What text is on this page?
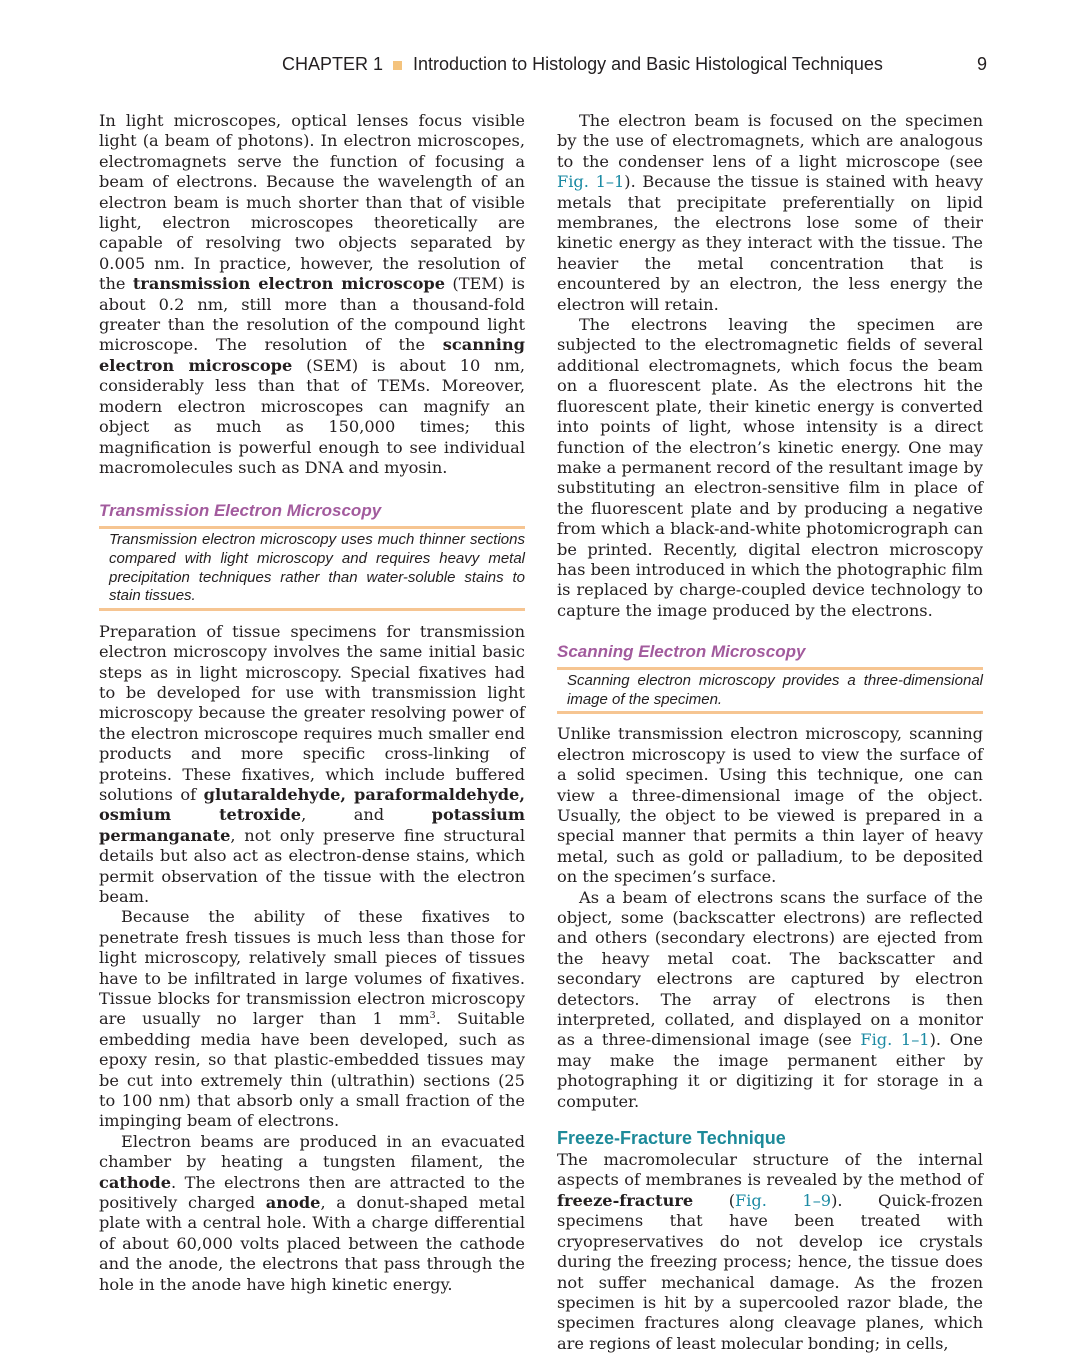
CHAPTER 1 Introduction to Histology and Basic Histological Techniques	9

In light microscopes, optical lenses focus visible light (a beam of photons). In electron microscopes, electromagnets serve the function of focusing a beam of electrons. Because the wavelength of an electron beam is much shorter than that of visible light, electron microscopes theoretically are capable of resolving two objects separated by 0.005 nm. In practice, however, the resolution of the transmission electron microscope (TEM) is about 0.2 nm, still more than a thousand-fold greater than the resolution of the compound light microscope. The resolution of the scanning electron microscope (SEM) is about 10 nm, considerably less than that of TEMs. Moreover, modern electron microscopes can magnify an object as much as 150,000 times; this magnification is powerful enough to see individual macromolecules such as DNA and myosin.

Transmission Electron Microscopy
Transmission electron microscopy uses much thinner sections compared with light microscopy and requires heavy metal precipitation techniques rather than water-soluble stains to stain tissues.

Preparation of tissue specimens for transmission electron microscopy involves the same initial basic steps as in light microscopy. Special fixatives had to be developed for use with transmission light microscopy because the greater resolving power of the electron microscope requires much smaller end products and more specific cross-linking of proteins. These fixatives, which include buffered solutions of glutaraldehyde, paraformaldehyde, osmium tetroxide, and potassium permanganate, not only preserve fine structural details but also act as electron-dense stains, which permit observation of the tissue with the electron beam.

Because the ability of these fixatives to penetrate fresh tissues is much less than those for light microscopy, relatively small pieces of tissues have to be infiltrated in large volumes of fixatives. Tissue blocks for transmission electron microscopy are usually no larger than 1 $mm^3$. Suitable embedding media have been developed, such as epoxy resin, so that plastic-embedded tissues may be cut into extremely thin (ultrathin) sections (25 to 100 nm) that absorb only a small fraction of the impinging beam of electrons.

Electron beams are produced in an evacuated chamber by heating a tungsten filament, the cathode. The electrons then are attracted to the positively charged anode, a donut-shaped metal plate with a central hole. With a charge differential of about 60,000 volts placed between the cathode and the anode, the electrons that pass through the hole in the anode have high kinetic energy.

The electron beam is focused on the specimen by the use of electromagnets, which are analogous to the condenser lens of a light microscope (see Fig. 1–1). Because the tissue is stained with heavy metals that precipitate preferentially on lipid membranes, the electrons lose some of their kinetic energy as they interact with the tissue. The heavier the metal concentration that is encountered by an electron, the less energy the electron will retain.

The electrons leaving the specimen are subjected to the electromagnetic fields of several additional electromagnets, which focus the beam on a fluorescent plate. As the electrons hit the fluorescent plate, their kinetic energy is converted into points of light, whose intensity is a direct function of the electron’s kinetic energy. One may make a permanent record of the resultant image by substituting an electron-sensitive film in place of the fluorescent plate and by producing a negative from which a black-and-white photomicrograph can be printed. Recently, digital electron microscopy has been introduced in which the photographic film is replaced by charge-coupled device technology to capture the image produced by the electrons.

Scanning Electron Microscopy
Scanning electron microscopy provides a three-dimensional image of the specimen.

Unlike transmission electron microscopy, scanning electron microscopy is used to view the surface of a solid specimen. Using this technique, one can view a three-dimensional image of the object. Usually, the object to be viewed is prepared in a special manner that permits a thin layer of heavy metal, such as gold or palladium, to be deposited on the specimen’s surface.

As a beam of electrons scans the surface of the object, some (backscatter electrons) are reflected and others (secondary electrons) are ejected from the heavy metal coat. The backscatter and secondary electrons are captured by electron detectors. The array of electrons is then interpreted, collated, and displayed on a monitor as a three-dimensional image (see Fig. 1–1). One may make the image permanent either by photographing it or digitizing it for storage in a computer.

Freeze-Fracture Technique

The macromolecular structure of the internal aspects of membranes is revealed by the method of freeze-fracture (Fig. 1–9). Quick-frozen specimens that have been treated with cryopreservatives do not develop ice crystals during the freezing process; hence, the tissue does not suffer mechanical damage. As the frozen specimen is hit by a supercooled razor blade, the specimen fractures along cleavage planes, which are regions of least molecular bonding; in cells,
